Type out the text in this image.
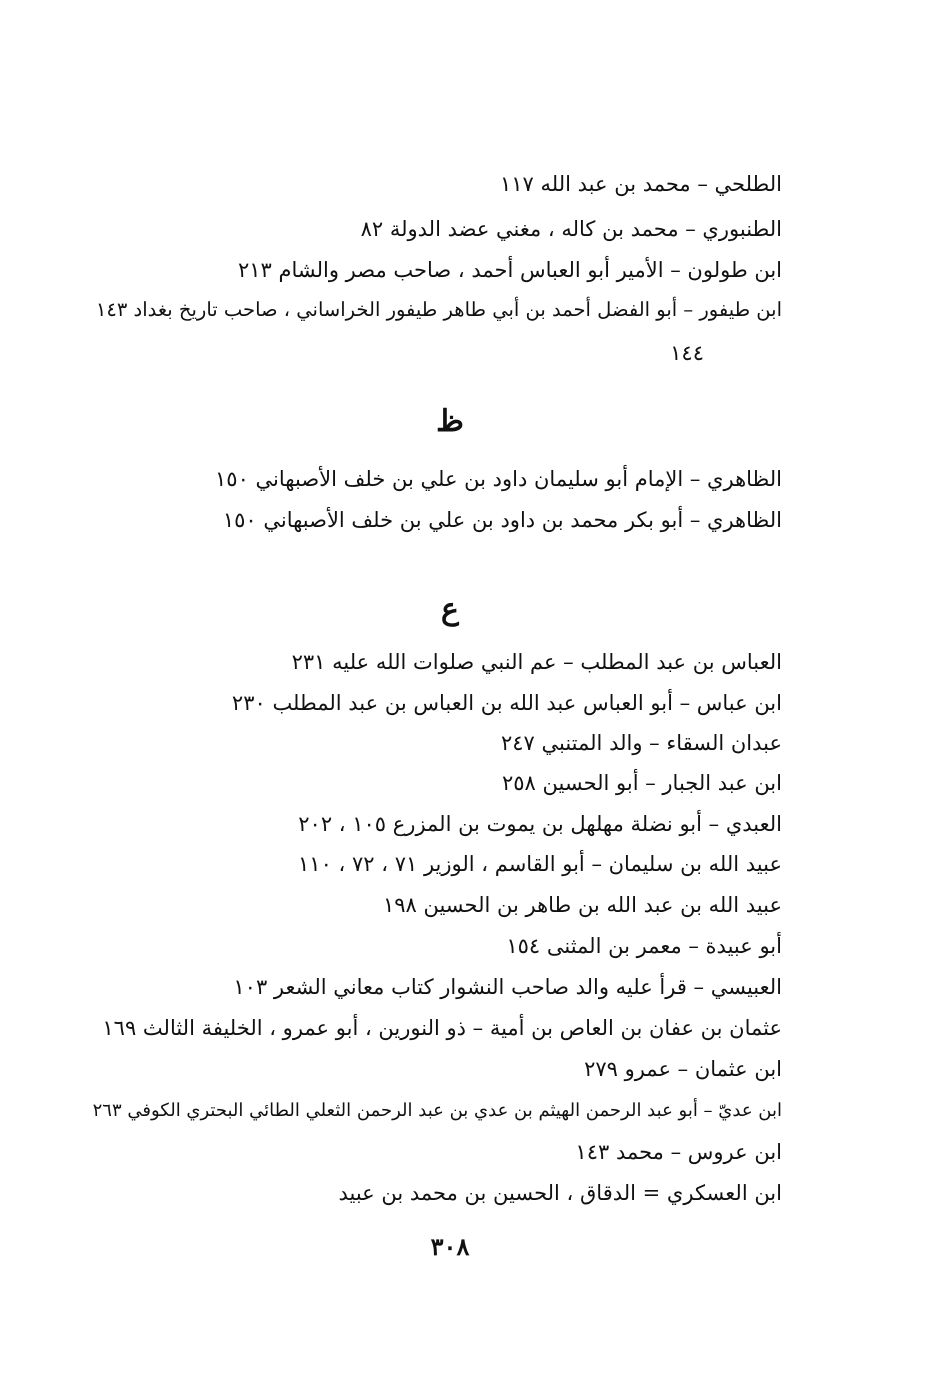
الطلحي – محمد بن عبد الله ١١٧
الطنبوري – محمد بن كاله ، مغني عضد الدولة ٨٢
ابن طولون – الأمير أبو العباس أحمد ، صاحب مصر والشام ٢١٣
ابن طيفور – أبو الفضل أحمد بن أبي طاهر طيفور الخراساني ، صاحب تاريخ بغداد ١٤٣
١٤٤
ظ
الظاهري – الإمام أبو سليمان داود بن علي بن خلف الأصبهاني ١٥٠
الظاهري – أبو بكر محمد بن داود بن علي بن خلف الأصبهاني ١٥٠
ع
العباس بن عبد المطلب – عم النبي صلوات الله عليه ٢٣١
ابن عباس – أبو العباس عبد الله بن العباس بن عبد المطلب ٢٣٠
عبدان السقاء – والد المتنبي ٢٤٧
ابن عبد الجبار – أبو الحسين ٢٥٨
العبدي – أبو نضلة مهلهل بن يموت بن المزرع ١٠٥ ، ٢٠٢
عبيد الله بن سليمان – أبو القاسم ، الوزير ٧١ ، ٧٢ ، ١١٠
عبيد الله بن عبد الله بن طاهر بن الحسين ١٩٨
أبو عبيدة – معمر بن المثنى ١٥٤
العبيسي – قرأ عليه والد صاحب النشوار كتاب معاني الشعر ١٠٣
عثمان بن عفان بن العاص بن أمية – ذو النورين ، أبو عمرو ، الخليفة الثالث ١٦٩
ابن عثمان – عمرو ٢٧٩
ابن عديّ – أبو عبد الرحمن الهيثم بن عدي بن عبد الرحمن الثعلي الطائي البحتري الكوفي ٢٦٣
ابن عروس – محمد ١٤٣
ابن العسكري = الدقاق ، الحسين بن محمد بن عبيد
٣٠٨
